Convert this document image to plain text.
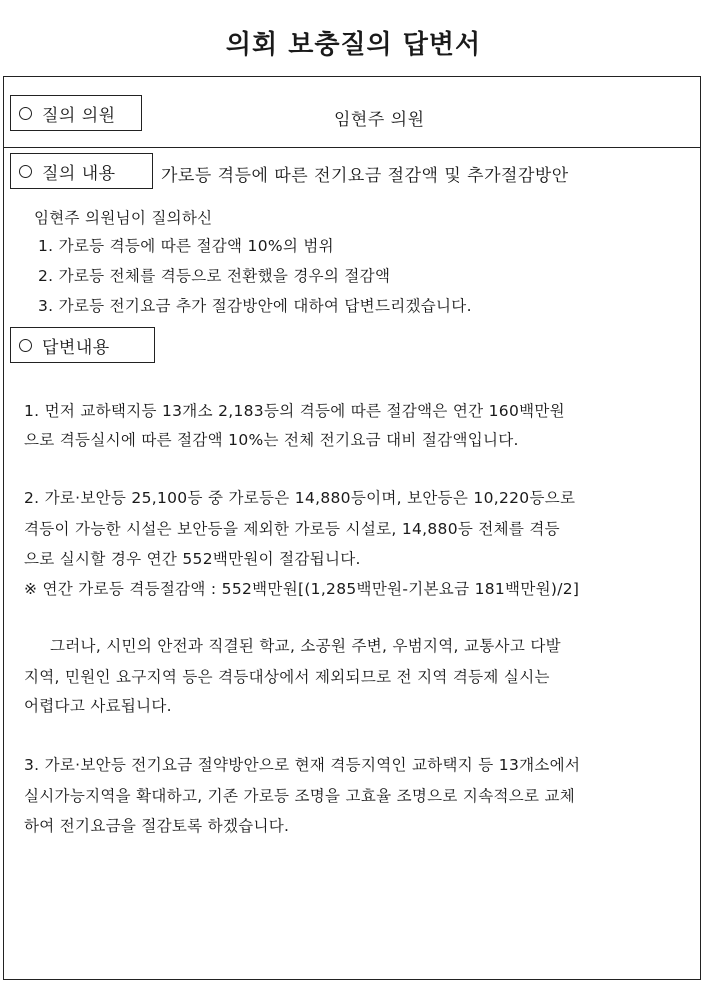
의회 보충질의 답변서
질의 의원	임현주 의원
질의 내용	가로등 격등에 따른 전기요금 절감액 및 추가절감방안
임현주 의원님이 질의하신
1. 가로등 격등에 따른 절감액 10%의 범위
2. 가로등 전체를 격등으로 전환했을 경우의 절감액
3. 가로등 전기요금 추가 절감방안에 대하여 답변드리겠습니다.
답변내용
1. 먼저 교하택지등 13개소 2,183등의 격등에 따른 절감액은 연간 160백만원
으로 격등실시에 따른 절감액 10%는 전체 전기요금 대비 절감액입니다.
2. 가로·보안등 25,100등 중 가로등은 14,880등이며, 보안등은 10,220등으로
격등이 가능한 시설은 보안등을 제외한 가로등 시설로, 14,880등 전체를 격등
으로 실시할 경우 연간 552백만원이 절감됩니다.
※ 연간 가로등 격등절감액 : 552백만원[(1,285백만원-기본요금 181백만원)/2]
그러나, 시민의 안전과 직결된 학교, 소공원 주변, 우범지역, 교통사고 다발
지역, 민원인 요구지역 등은 격등대상에서 제외되므로 전 지역 격등제 실시는
어렵다고 사료됩니다.
3. 가로·보안등 전기요금 절약방안으로 현재 격등지역인 교하택지 등 13개소에서
실시가능지역을 확대하고, 기존 가로등 조명을 고효율 조명으로 지속적으로 교체
하여 전기요금을 절감토록 하겠습니다.
